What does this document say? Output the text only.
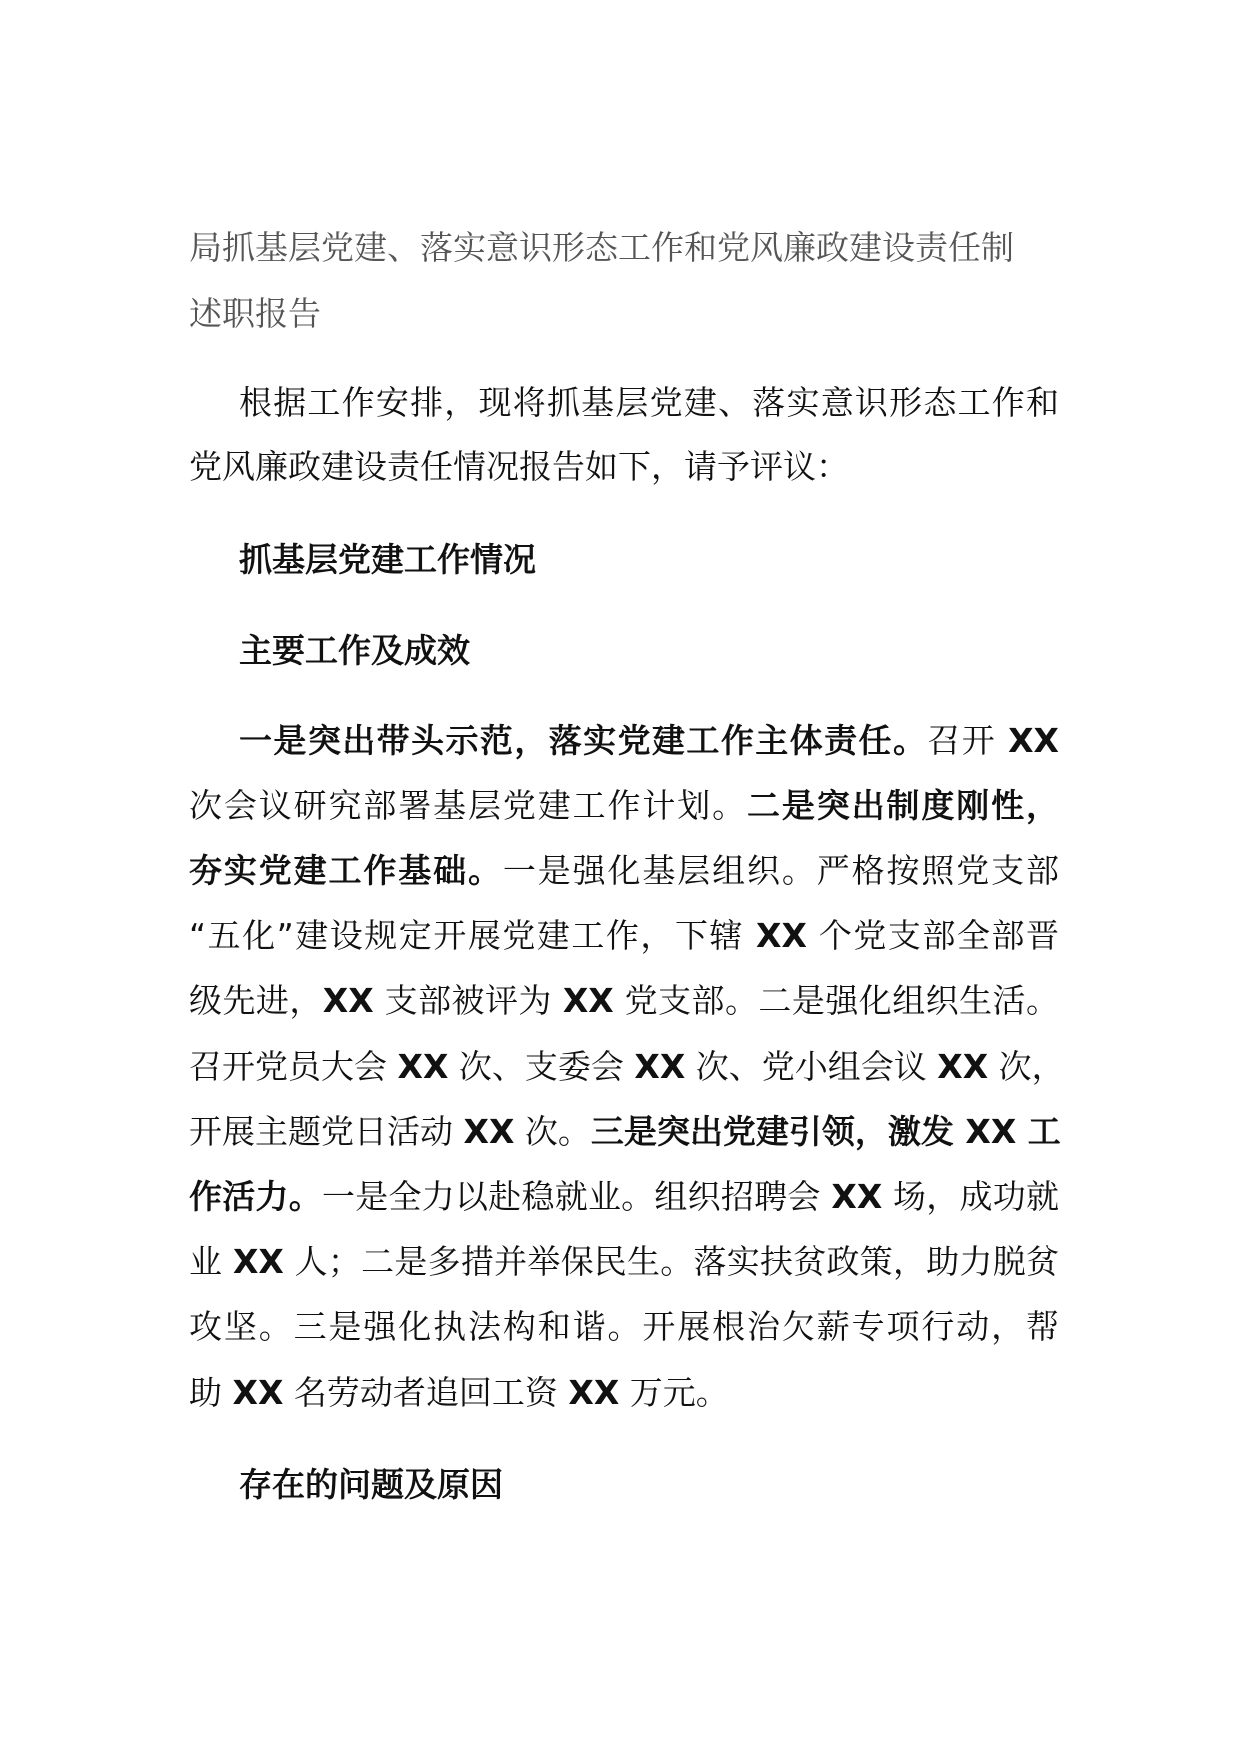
局抓基层党建、落实意识形态工作和党风廉政建设责任制
述职报告
根据工作安排，现将抓基层党建、落实意识形态工作和
党风廉政建设责任情况报告如下，请予评议：
抓基层党建工作情况
主要工作及成效
一是突出带头示范，落实党建工作主体责任。召开 XX
次会议研究部署基层党建工作计划。二是突出制度刚性，
夯实党建工作基础。一是强化基层组织。严格按照党支部
“五化”建设规定开展党建工作，下辖 XX 个党支部全部晋
级先进，XX 支部被评为 XX 党支部。二是强化组织生活。
召开党员大会 XX 次、支委会 XX 次、党小组会议 XX 次，
开展主题党日活动 XX 次。三是突出党建引领，激发 XX 工
作活力。一是全力以赴稳就业。组织招聘会 XX 场，成功就
业 XX 人；二是多措并举保民生。落实扶贫政策，助力脱贫
攻坚。三是强化执法构和谐。开展根治欠薪专项行动，帮
助 XX 名劳动者追回工资 XX 万元。
存在的问题及原因
